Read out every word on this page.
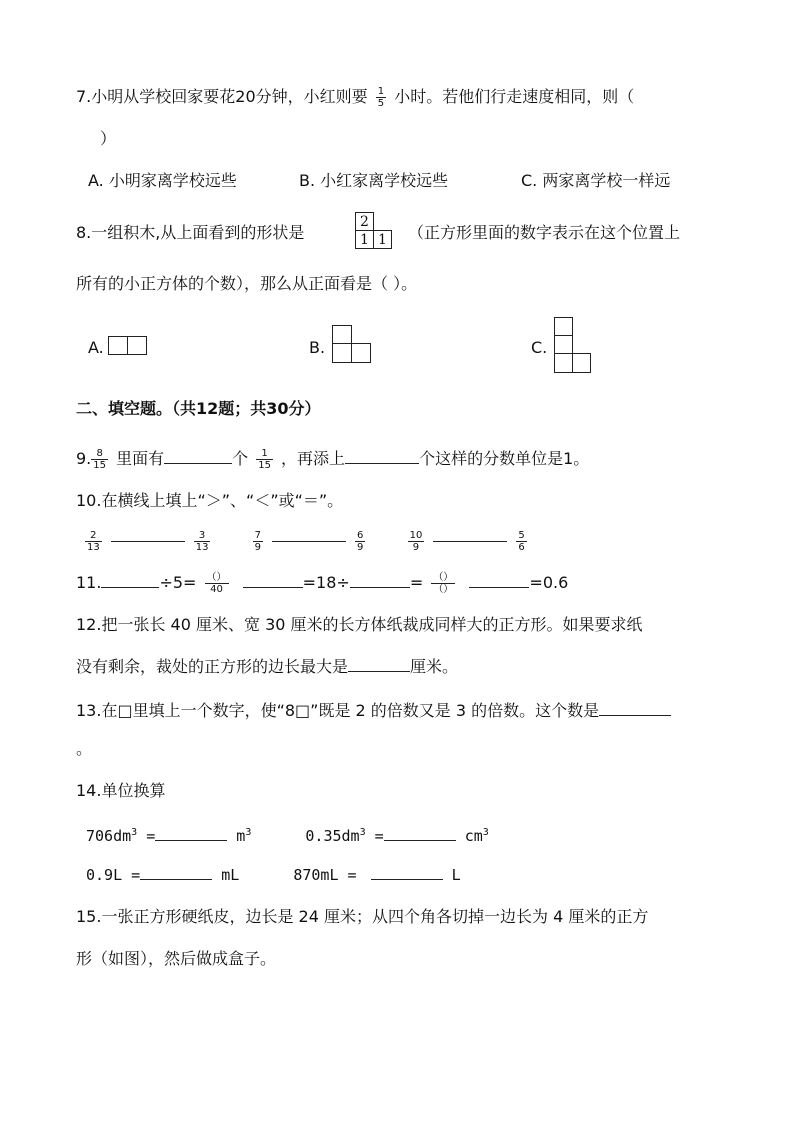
7.小明从学校回家要花20分钟，小红则要 $\frac{1}{5}$ 小时。若他们行走速度相同，则（
）
A. 小明家离学校远些	B. 小红家离学校远些	C. 两家离学校一样远
8.一组积木,从上面看到的形状是
2
1 1	（正方形里面的数字表示在这个位置上
所有的小正方体的个数），那么从正面看是（ ）。
A.	B.	C.
二、填空题。（共12题；共30分）
9. $\frac{8}{15}$ 里面有	个 $\frac{1}{15}$ ，再添上	个这样的分数单位是1。
10.在横线上填上“＞”、“＜”或“＝”。
$\frac{2}{13}$	$\frac{3}{13}$
	$\frac{7}{9}$	$\frac{6}{9}$
	$\frac{10}{9}$	$\frac{5}{6}$
11.	$\div 5= \frac{()}{40}$	=18÷	= $\frac{()}{()}$	=0.6
12.把一张长 40 厘米、宽 30 厘米的长方体纸裁成同样大的正方形。如果要求纸
没有剩余，裁处的正方形的边长最大是	厘米。
13.在□里填上一个数字，使“8□”既是 2 的倍数又是 3 的倍数。这个数是
。
14.单位换算
$706dm^3$ =	$m^3$	$0.35dm^3$ =	$cm^3$
0.9L =	mL	870mL =	L
15.一张正方形硬纸皮，边长是 24 厘米；从四个角各切掉一边长为 4 厘米的正方
形（如图），然后做成盒子。
